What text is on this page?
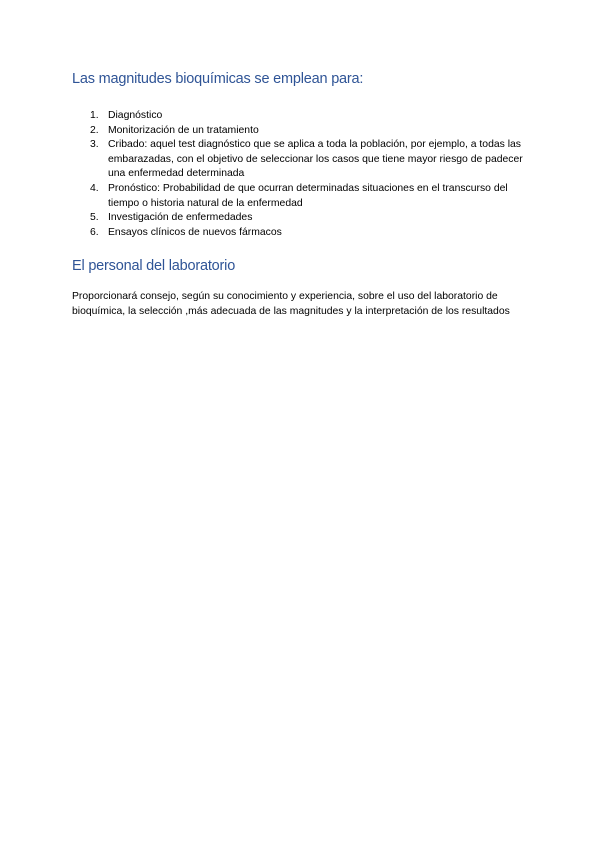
Las magnitudes bioquímicas se emplean para:
1. Diagnóstico
2. Monitorización de un tratamiento
3. Cribado: aquel test diagnóstico que se aplica a toda la población, por ejemplo, a todas las embarazadas, con el objetivo de seleccionar los casos que tiene mayor riesgo de padecer una enfermedad determinada
4. Pronóstico: Probabilidad de que ocurran determinadas situaciones en el transcurso del tiempo o historia natural de la enfermedad
5. Investigación de enfermedades
6. Ensayos clínicos de nuevos fármacos
El personal del laboratorio

Proporcionará consejo, según su conocimiento y experiencia, sobre el uso del laboratorio de bioquímica, la selección ,más adecuada de las magnitudes y la interpretación de los resultados
